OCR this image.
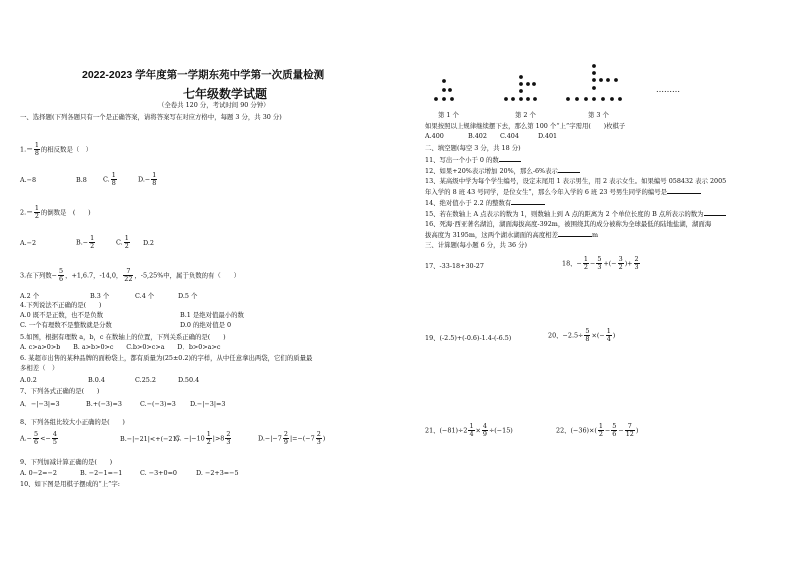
2022-2023 学年度第一学期东苑中学第一次质量检测
七年级数学试题
（全卷共 120 分，考试时间 90 分钟）
一、选择题(下列各题只有一个是正确答案，请将答案写在对应方格中，每题 3 分，共 30 分)
$1.- \frac{1}{8}$ 的相反数是（　）
A.−8	B.8	C. $\frac{1}{8}$	$D.- \frac{1}{8}$
$2.- \frac{1}{2}$ 的倒数是　(　　)
A.−2	$B.- \frac{1}{2}$	C. $\frac{1}{2} D.2$
3.在下列数− $\frac{5}{6}$ ，+1,6.7，-14,0， $\frac{7}{22}$ ，-5,25%中，属于负数的有（　　）
A.2 个	B.3 个	C.4 个	D.5 个
4.下列说法不正确的是(　　)
A.0 既不是正数，也不是负数	B.1 是绝对值最小的数
C. 一个有理数不是整数就是分数	D.0 的绝对值是 0
5.如图，根据有理数 a，b，c 在数轴上的位置，下列关系正确的是(　　)
A. c>a>0>b　　B. a>b>0>c　　C.b>0>c>a　　D．b>0>a>c
6. 某超市出售的某种品牌的面粉袋上，都有质量为(25±0.2)的字样，从中任意拿出两袋，它们的质量最
多相差（　）
A.0.2	B.0.4	C.25.2	D.50.4
7、下列各式正确的是(　　)
A．−|−3|=3	B.+(−3)=3	C.−(−3)=3 D.−|−3|=3
8、下列各组比较大小正确的是(　　)
$A.- \frac{5}{6} <- \frac{4}{5}$	B.−|−21|<+(−21)
C. $-|-10 \frac{1}{2} |>8 \frac{2}{3}$	$D.-|-7 \frac{2}{9} |=-(-7 \frac{2}{3}$ )
9、下列加减计算正确的是(　　)
A. 0−2=−2	B. −2−1=−1	C. −3+0=0	D. −2+3=−5
10、如下图是用棋子摆成的“上”字:
………
第 1 个	第 2 个	第 3 个
如果按照以上规律继续摆下去，那么第 100 个“上”字需用(　　)枚棋子
A.400	B.402 C.404	D.401
二、填空题(每空 3 分，共 18 分)
11、写出一个小于 0 的数
12、如果+20%表示增加 20%，那么-6%表示
13、某高级中学为每个学生编号，设定末尾用 1 表示男生，用 2 表示女生。如果编号 058432 表示 2005
年入学的 8 班 43 号同学，是位女生”，那么今年入学的 6 班 23 号男生同学的编号是
14、绝对值小于 2.2 的整数有
15、若在数轴上 A 点表示的数为 1，则数轴上到 A 点的距离为 2 个单位长度的 B 点所表示的数为
16、死海·西亚著名湖泊，湖面海拔高度-392m，被围绕其的成分被称为全球最低的陆地盐湖，湖面海
拔高度为 3195m，这两个湖水湖面的高度相差	m
三、计算题(每小题 6 分，共 36 分)
17、-33-18+30-27	18、− $\frac{1}{2} - \frac{5}{3}$ +(− $\frac{3}{2}$ )+ $\frac{2}{3}$
19、(-2.5)+(-0.6)-1.4-(-6.5)	20、$-2.5\div \frac{5}{8}$ ×(− $\frac{1}{4}$ )
21、$(-81)\div 2 \frac{1}{4} \times \frac{4}{9} \div(-15)$	22、$(-36)\times( \frac{1}{2} - \frac{5}{6} - \frac{7}{12}$ )
